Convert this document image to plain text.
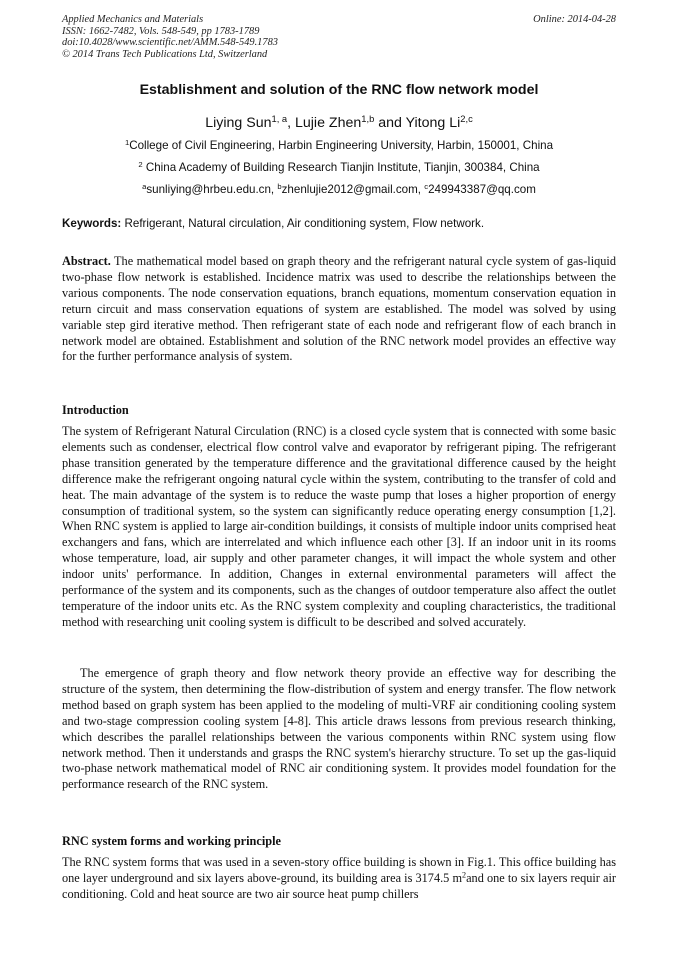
Applied Mechanics and Materials
ISSN: 1662-7482, Vols. 548-549, pp 1783-1789
doi:10.4028/www.scientific.net/AMM.548-549.1783
© 2014 Trans Tech Publications Ltd, Switzerland
Online: 2014-04-28
Establishment and solution of the RNC flow network model
Liying Sun$^{1, a}$, Lujie Zhen$^{1,b}$ and Yitong Li$^{2,c}$
$^1$College of Civil Engineering, Harbin Engineering University, Harbin, 150001, China
$^2$ China Academy of Building Research Tianjin Institute, Tianjin, 300384, China
$^a$sunliying@hrbeu.edu.cn, $^b$zhenlujie2012@gmail.com, $^c$249943387@qq.com
Keywords: Refrigerant, Natural circulation, Air conditioning system, Flow network.
Abstract. The mathematical model based on graph theory and the refrigerant natural cycle system of gas-liquid two-phase flow network is established. Incidence matrix was used to describe the relationships between the various components. The node conservation equations, branch equations, momentum conservation equation in return circuit and mass conservation equations of system are established. The model was solved by using variable step gird iterative method. Then refrigerant state of each node and refrigerant flow of each branch in network model are obtained. Establishment and solution of the RNC network model provides an effective way for the further performance analysis of system.
Introduction
The system of Refrigerant Natural Circulation (RNC) is a closed cycle system that is connected with some basic elements such as condenser, electrical flow control valve and evaporator by refrigerant piping. The refrigerant phase transition generated by the temperature difference and the gravitational difference caused by the height difference make the refrigerant ongoing natural cycle within the system, contributing to the transfer of cold and heat. The main advantage of the system is to reduce the waste pump that loses a higher proportion of energy consumption of traditional system, so the system can significantly reduce operating energy consumption [1,2]. When RNC system is applied to large air-condition buildings, it consists of multiple indoor units comprised heat exchangers and fans, which are interrelated and which influence each other [3]. If an indoor unit in its rooms whose temperature, load, air supply and other parameter changes, it will impact the whole system and other indoor units' performance. In addition, Changes in external environmental parameters will affect the performance of the system and its components, such as the changes of outdoor temperature also affect the outlet temperature of the indoor units etc. As the RNC system complexity and coupling characteristics, the traditional method with researching unit cooling system is difficult to be described and solved accurately.
The emergence of graph theory and flow network theory provide an effective way for describing the structure of the system, then determining the flow-distribution of system and energy transfer. The flow network method based on graph system has been applied to the modeling of multi-VRF air conditioning cooling system and two-stage compression cooling system [4-8]. This article draws lessons from previous research thinking, which describes the parallel relationships between the various components within RNC system using flow network method. Then it understands and grasps the RNC system's hierarchy structure. To set up the gas-liquid two-phase network mathematical model of RNC air conditioning system. It provides model foundation for the performance research of the RNC system.
RNC system forms and working principle
The RNC system forms that was used in a seven-story office building is shown in Fig.1. This office building has one layer underground and six layers above-ground, its building area is 3174.5 $m^2and$ one to six layers requir air conditioning. Cold and heat source are two air source heat pump chillers
